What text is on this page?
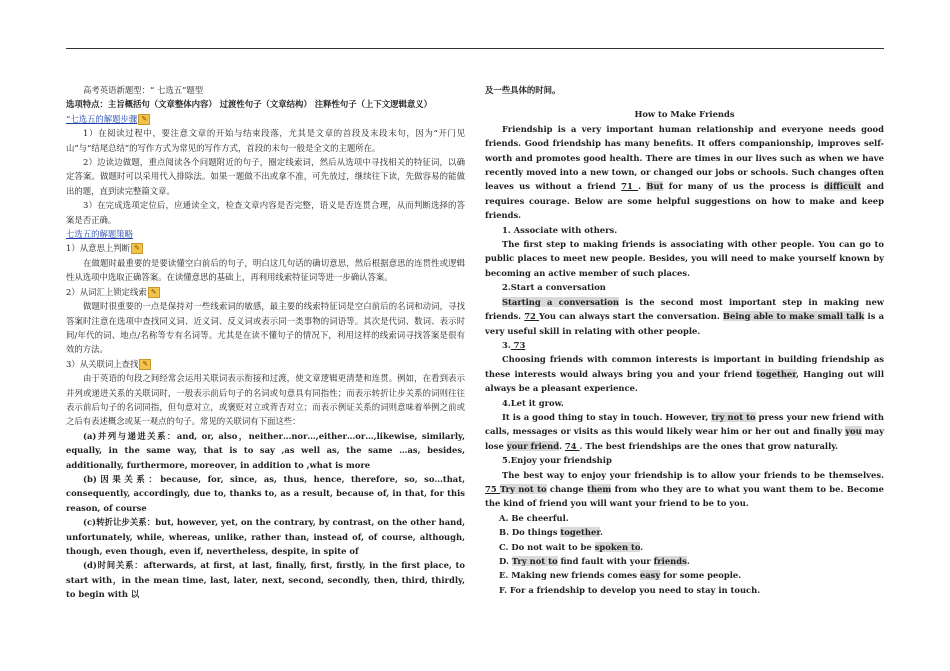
高考英语新题型：“ 七选五”题型

选项特点：主旨概括句（文章整体内容） 过渡性句子（文章结构） 注释性句子（上下文逻辑意义）

“七选五的解题步骤 ✎

1）在阅读过程中，要注意文章的开始与结束段落，尤其是文章的首段及末段末句，因为“开门见山”与“结尾总结”的写作方式为常见的写作方式，首段的末句一般是全文的主题所在。

2）边读边做题，重点阅读各个问题附近的句子，圈定线索词，然后从选项中寻找相关的特征词，以确定答案。做题时可以采用代入排除法。如果一题做不出或拿不准，可先放过，继续往下读，先做容易的能做出的题，直到读完整篇文章。

3）在完成选项定位后，应通读全文，检查文章内容是否完整，语义是否连贯合理，从而判断选择的答案是否正确。

七选五的解题策略

1）从意思上判断 ✎

在做题时最重要的是要读懂空白前后的句子，明白这几句话的确切意思，然后根据意思的连贯性或逻辑性从选项中选取正确答案。在读懂意思的基础上，再利用线索特征词等进一步确认答案。

2）从词汇上锁定线索 ✎

做题时很重要的一点是保持对一些线索词的敏感，最主要的线索特征词是空白前后的名词和动词，寻找答案时注意在选项中查找同义词、近义词、反义词或表示同一类事物的词语等。其次是代词、数词、表示时间/年代的词、地点/名称等专有名词等。尤其是在读不懂句子的情况下，利用这样的线索词寻找答案是很有效的方法。

3）从关联词上查找 ✎

由于英语的句段之间经常会运用关联词表示衔接和过渡，使文章逻辑更清楚和连贯。例如，在看到表示并列或递进关系的关联词时，一般表示前后句子的名词或句意具有同指性；而表示转折让步关系的词则往往表示前后句子的名词同指，但句意对立，或褒贬对立或背否对立；而表示例证关系的词则意味着举例之前或之后有表述概念或某一观点的句子。常见的关联词有下面这些：

(a)并列与递进关系：and, or, also，neither…nor…,either…or…,likewise, similarly, equally, in the same way, that is to say ,as well as, the same …as, besides, additionally, furthermore, moreover, in addition to ,what is more

(b)因果关系：because, for, since, as, thus, hence, therefore, so, so…that, consequently, accordingly, due to, thanks to, as a result, because of, in that, for this reason, of course

(c)转折让步关系：but, however, yet, on the contrary, by contrast, on the other hand, unfortunately, while, whereas, unlike, rather than, instead of, of course, although, though, even though, even if, nevertheless, despite, in spite of

(d)时间关系：afterwards, at first, at last, finally, first, firstly, in the first place, to start with，in the mean time, last, later, next, second, secondly, then, third, thirdly, to begin with 以

及一些具体的时间。

How to Make Friends

Friendship is a very important human relationship and everyone needs good friends. Good friendship has many benefits. It offers companionship, improves self-worth and promotes good health. There are times in our lives such as when we have recently moved into a new town, or changed our jobs or schools. Such changes often leaves us without a friend 71 . But for many of us the process is difficult and requires courage. Below are some helpful suggestions on how to make and keep friends.

1. Associate with others.

The first step to making friends is associating with other people. You can go to public places to meet new people. Besides, you will need to make yourself known by becoming an active member of such places.

2.Start a conversation

Starting a conversation is the second most important step in making new friends. 72 You can always start the conversation. Being able to make small talk is a very useful skill in relating with other people.

3. 73

Choosing friends with common interests is important in building friendship as these interests would always bring you and your friend together, Hanging out will always be a pleasant experience.

4.Let it grow.

It is a good thing to stay in touch. However, try not to press your new friend with calls, messages or visits as this would likely wear him or her out and finally you may lose your friend. 74 . The best friendships are the ones that grow naturally.

5.Enjoy your friendship

The best way to enjoy your friendship is to allow your friends to be themselves. 75 Try not to change them from who they are to what you want them to be. Become the kind of friend you will want your friend to be to you.

A. Be cheerful.

B. Do things together.

C. Do not wait to be spoken to.

D. Try not to find fault with your friends.

E. Making new friends comes easy for some people.

F. For a friendship to develop you need to stay in touch.
